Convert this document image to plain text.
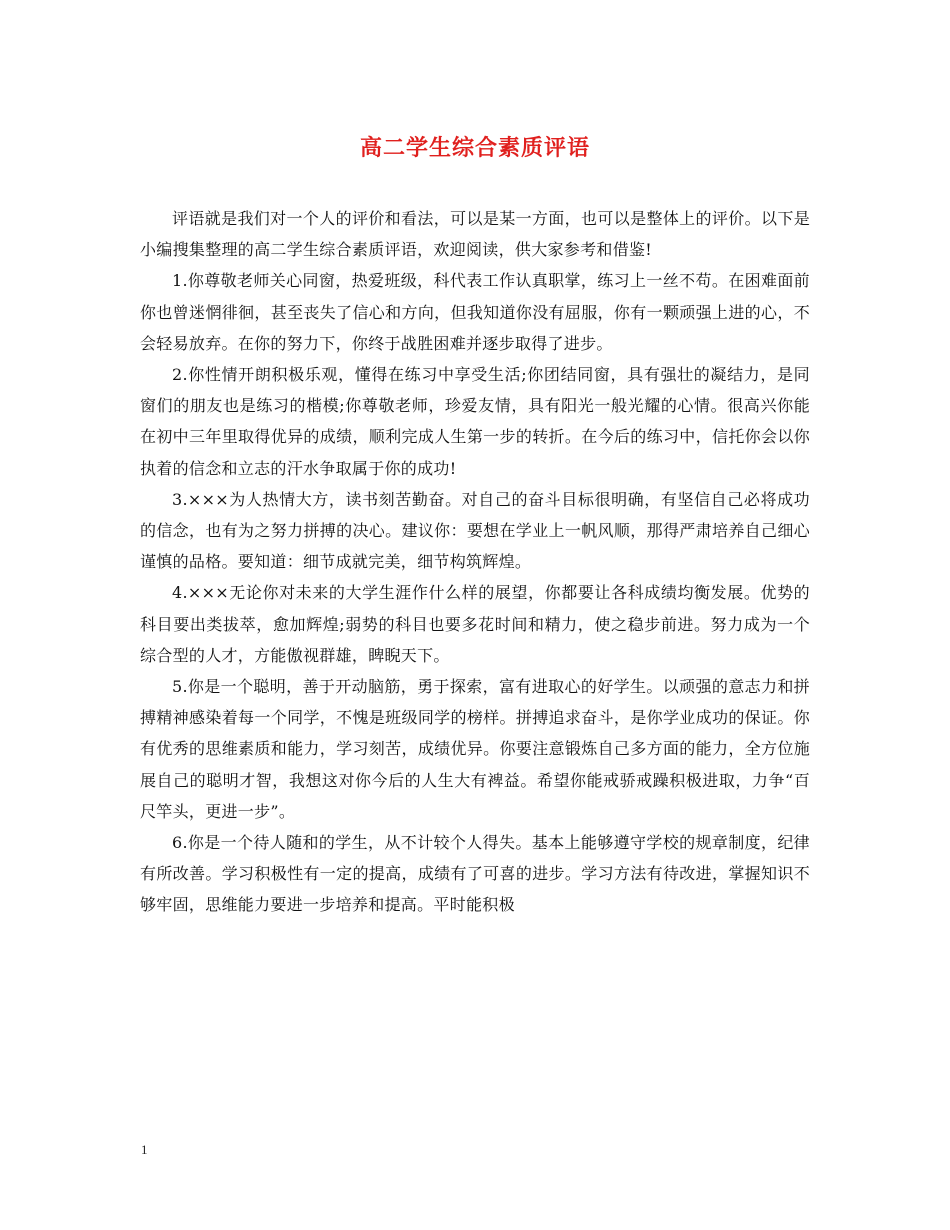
高二学生综合素质评语

评语就是我们对一个人的评价和看法，可以是某一方面，也可以是整体上的评价。以下是小编搜集整理的高二学生综合素质评语，欢迎阅读，供大家参考和借鉴!

1.你尊敬老师关心同窗，热爱班级，科代表工作认真职掌，练习上一丝不苟。在困难面前你也曾迷惘徘徊，甚至丧失了信心和方向，但我知道你没有屈服，你有一颗顽强上进的心，不会轻易放弃。在你的努力下，你终于战胜困难并逐步取得了进步。

2.你性情开朗积极乐观，懂得在练习中享受生活;你团结同窗，具有强壮的凝结力，是同窗们的朋友也是练习的楷模;你尊敬老师，珍爱友情，具有阳光一般光耀的心情。很高兴你能在初中三年里取得优异的成绩，顺利完成人生第一步的转折。在今后的练习中，信托你会以你执着的信念和立志的汗水争取属于你的成功!

3.×××为人热情大方，读书刻苦勤奋。对自己的奋斗目标很明确，有坚信自己必将成功的信念，也有为之努力拼搏的决心。建议你：要想在学业上一帆风顺，那得严肃培养自己细心谨慎的品格。要知道：细节成就完美，细节构筑辉煌。

4.×××无论你对未来的大学生涯作什么样的展望，你都要让各科成绩均衡发展。优势的科目要出类拔萃，愈加辉煌;弱势的科目也要多花时间和精力，使之稳步前进。努力成为一个综合型的人才，方能傲视群雄，睥睨天下。

5.你是一个聪明，善于开动脑筋，勇于探索，富有进取心的好学生。以顽强的意志力和拼搏精神感染着每一个同学，不愧是班级同学的榜样。拼搏追求奋斗，是你学业成功的保证。你有优秀的思维素质和能力，学习刻苦，成绩优异。你要注意锻炼自己多方面的能力，全方位施展自己的聪明才智，我想这对你今后的人生大有裨益。希望你能戒骄戒躁积极进取，力争“百尺竿头，更进一步”。

6.你是一个待人随和的学生，从不计较个人得失。基本上能够遵守学校的规章制度，纪律有所改善。学习积极性有一定的提高，成绩有了可喜的进步。学习方法有待改进，掌握知识不够牢固，思维能力要进一步培养和提高。平时能积极

1
